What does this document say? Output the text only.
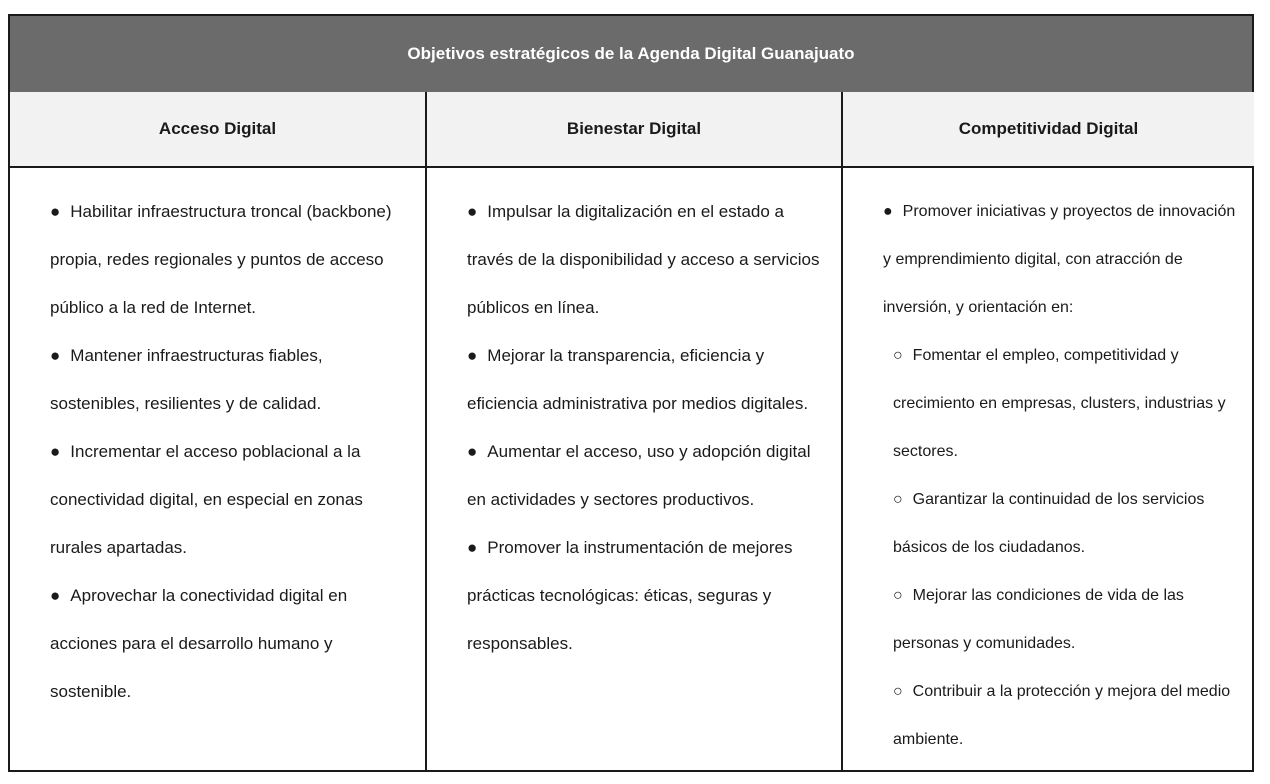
Objetivos estratégicos de la Agenda Digital Guanajuato
Acceso Digital

● Habilitar infraestructura troncal (backbone) propia, redes regionales y puntos de acceso público a la red de Internet.

● Mantener infraestructuras fiables, sostenibles, resilientes y de calidad.

● Incrementar el acceso poblacional a la conectividad digital, en especial en zonas rurales apartadas.

● Aprovechar la conectividad digital en acciones para el desarrollo humano y sostenible.

Bienestar Digital

● Impulsar la digitalización en el estado a través de la disponibilidad y acceso a servicios públicos en línea.

● Mejorar la transparencia, eficiencia y eficiencia administrativa por medios digitales.

● Aumentar el acceso, uso y adopción digital en actividades y sectores productivos.

● Promover la instrumentación de mejores prácticas tecnológicas: éticas, seguras y responsables.

Competitividad Digital

● Promover iniciativas y proyectos de innovación y emprendimiento digital, con atracción de inversión, y orientación en:

○ Fomentar el empleo, competitividad y crecimiento en empresas, clusters, industrias y sectores.

○ Garantizar la continuidad de los servicios básicos de los ciudadanos.

○ Mejorar las condiciones de vida de las personas y comunidades.

○ Contribuir a la protección y mejora del medio ambiente.
